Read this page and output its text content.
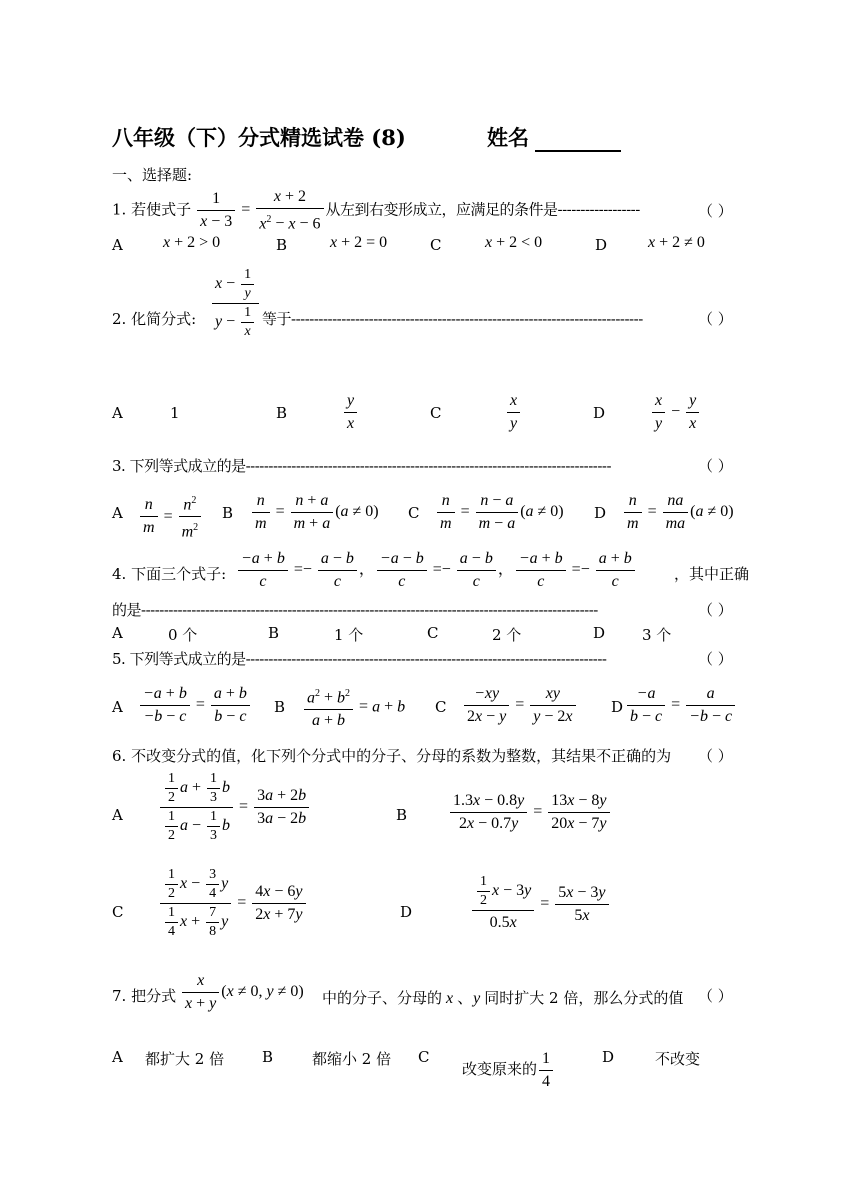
八年级（下）分式精选试卷 (8)	姓名
一、选择题:
1. 若使式子 $\frac{1}{x - 3} = \frac{x + 2}{x^2 - x - 6}$ 从左到右变形成立，应满足的条件是------------------	（ ）
A	x + 2 > 0	B	x + 2 = 0	C	x + 2 < 0	D	x + 2 ≠ 0
2. 化简分式: $\frac{x - \frac{1}{y}}{y - \frac{1}{x}}$ 等于-----------------------------------------------------------------------------	（ ）
A	1	B	$\frac{y}{x}$	C	$\frac{x}{y}$	D	$\frac{x}{y} - \frac{y}{x}$
3. 下列等式成立的是--------------------------------------------------------------------------------	（ ）
A $\frac{n}{m} = \frac{n^2}{m^2}$ B $\frac{n}{m} = \frac{n + a}{m + a} (a \ne 0)$ C $\frac{n}{m} = \frac{n - a}{m - a} (a \ne 0)$ D $\frac{n}{m} = \frac{na}{ma} (a \ne 0)$
4. 下面三个式子: $\frac{-a + b}{c} =- \frac{a - b}{c}$ ， $\frac{-a - b}{c} =- \frac{a - b}{c}$ ， $\frac{-a + b}{c} =- \frac{a + b}{c}$	，其中正确
的是----------------------------------------------------------------------------------------------------	（ ）
A	0 个	B	1 个	C	2 个	D 3 个
5. 下列等式成立的是-------------------------------------------------------------------------------	（ ）
A $\frac{-a + b}{-b - c} = \frac{a + b}{b - c}$ B $\frac{a^2 + b^2}{a + b} = a + b$ C $\frac{-xy}{2x - y} = \frac{xy}{y - 2x}$ D $\frac{-a}{b - c} = \frac{a}{-b - c}$
6. 不改变分式的值，化下列个分式中的分子、分母的系数为整数，其结果不正确的为 （ ）
A	$\frac{\frac{1}{2} a + \frac{1}{3} b}{\frac{1}{2} a - \frac{1}{3} b} = \frac{3a + 2b}{3a - 2b}$	B	$\frac{1.3x - 0.8y}{2x - 0.7y} = \frac{13x - 8y}{20x - 7y}$
C	$\frac{\frac{1}{2} x - \frac{3}{4} y}{\frac{1}{4} x + \frac{7}{8} y} = \frac{4x - 6y}{2x + 7y}$	D	$\frac{\frac{1}{2} x - 3y}{0.5x} = \frac{5x - 3y}{5x}$
7. 把分式 $\frac{x}{x + y} (x \ne 0$, y ≠ 0) 中的分子、分母的 x 、y 同时扩大 2 倍，那么分式的值 （ ）
A 都扩大 2 倍	B	都缩小 2 倍 C
改变原来的 $\frac{1}{4}$	D	不改变
